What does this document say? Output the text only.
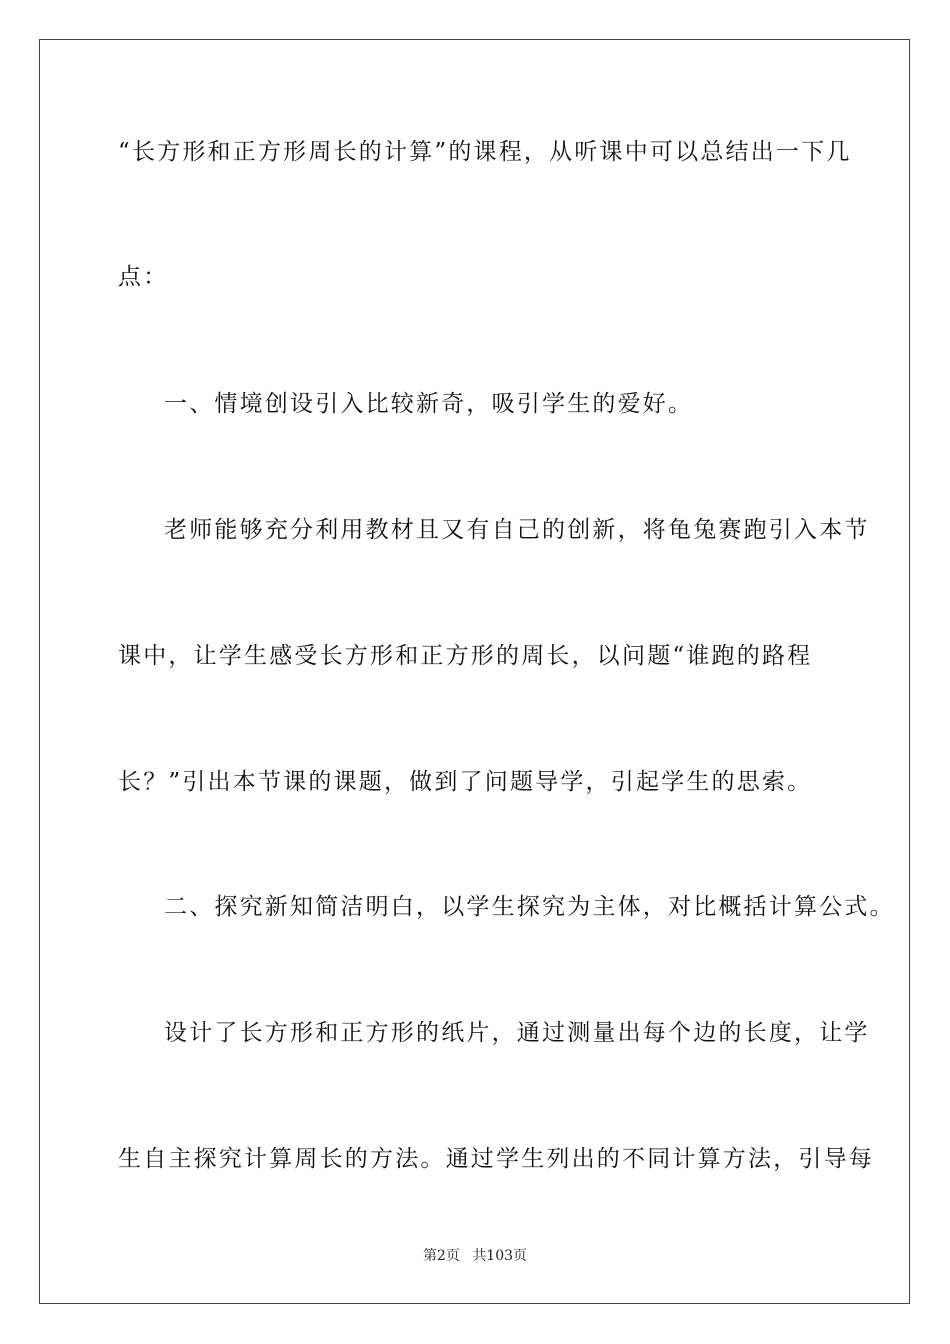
“长方形和正方形周长的计算”的课程，从听课中可以总结出一下几
点：
一、情境创设引入比较新奇，吸引学生的爱好。
老师能够充分利用教材且又有自己的创新，将龟兔赛跑引入本节
课中，让学生感受长方形和正方形的周长，以问题“谁跑的路程
长？”引出本节课的课题，做到了问题导学，引起学生的思索。
二、探究新知简洁明白，以学生探究为主体，对比概括计算公式。
设计了长方形和正方形的纸片，通过测量出每个边的长度，让学
生自主探究计算周长的方法。通过学生列出的不同计算方法，引导每
第2页 共103页
